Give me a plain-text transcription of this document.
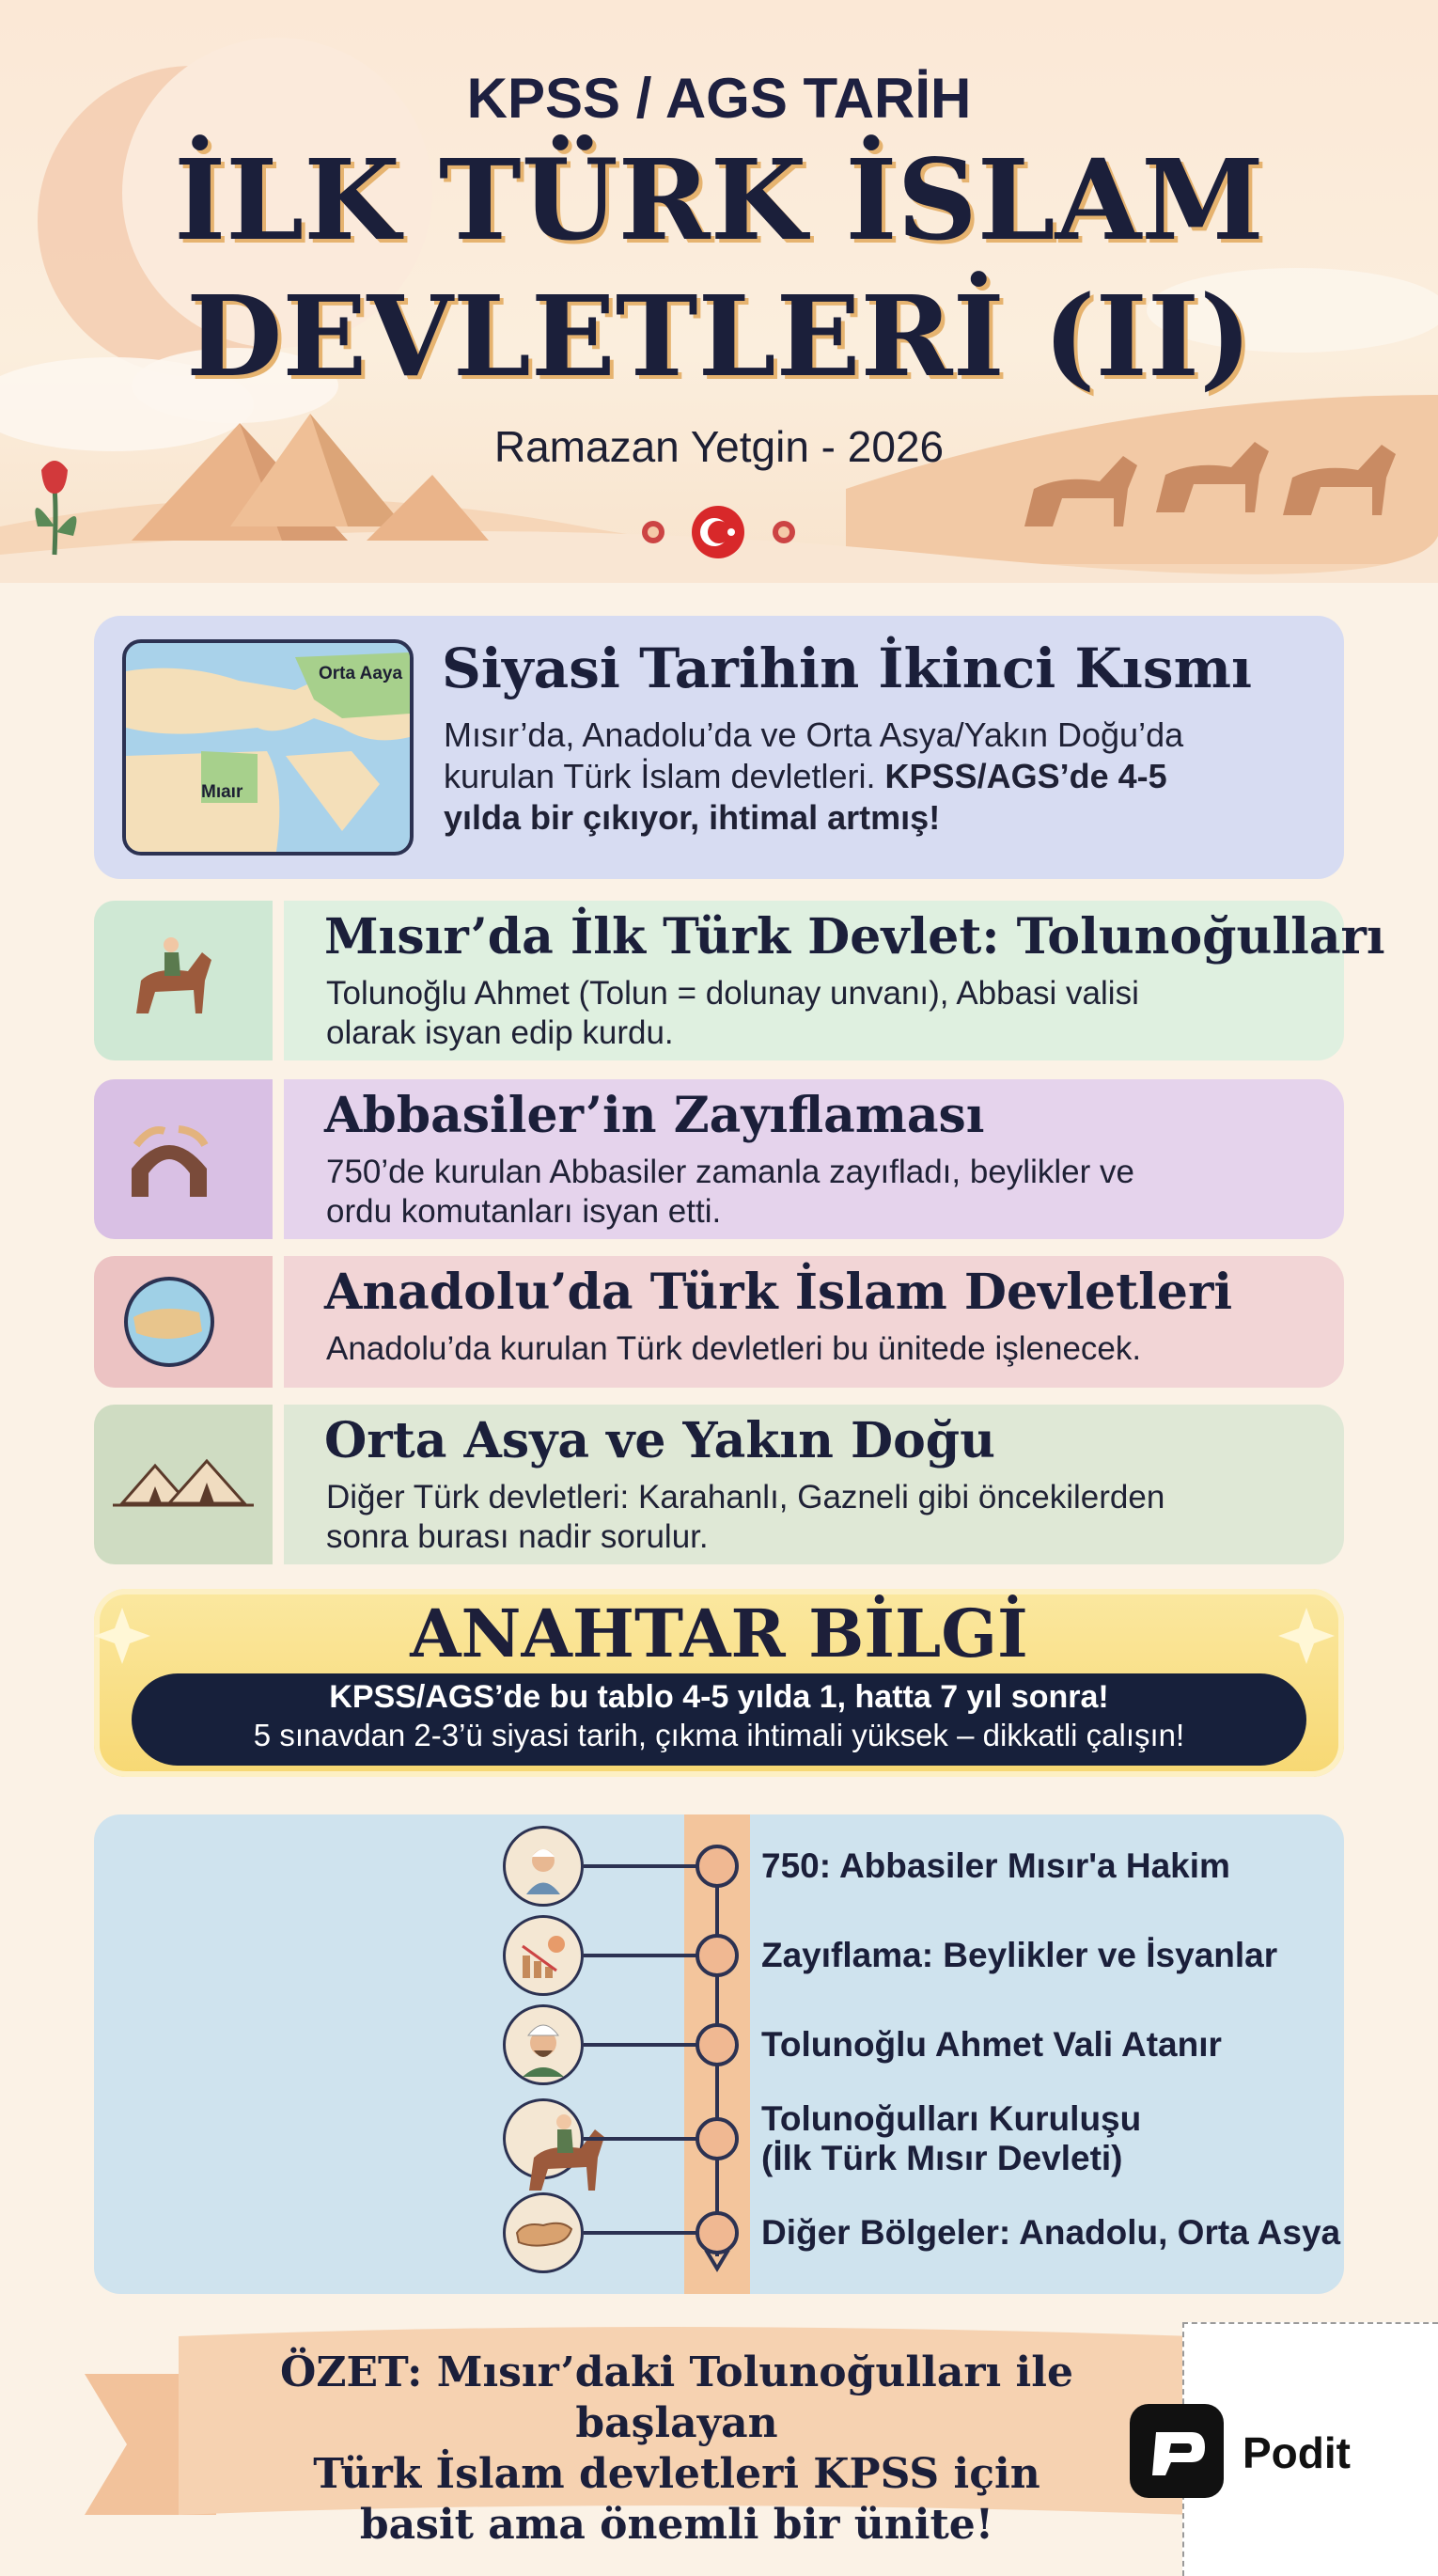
KPSS / AGS TARİH
İLK TÜRK İSLAM
DEVLETLERİ (II)
Ramazan Yetgin - 2026
Orta Aaya
Mıaır
Siyasi Tarihin İkinci Kısmı
Mısır’da, Anadolu’da ve Orta Asya/Yakın Doğu’da
kurulan Türk İslam devletleri. KPSS/AGS’de 4-5
yılda bir çıkıyor, ihtimal artmış!
Mısır’da İlk Türk Devlet: Tolunoğulları
Tolunoğlu Ahmet (Tolun = dolunay unvanı), Abbasi valisi
olarak isyan edip kurdu.
Abbasiler’in Zayıflaması
750’de kurulan Abbasiler zamanla zayıfladı, beylikler ve
ordu komutanları isyan etti.
Anadolu’da Türk İslam Devletleri
Anadolu’da kurulan Türk devletleri bu ünitede işlenecek.
Orta Asya ve Yakın Doğu
Diğer Türk devletleri: Karahanlı, Gazneli gibi öncekilerden
sonra burası nadir sorulur.
ANAHTAR BİLGİ
KPSS/AGS’de bu tablo 4-5 yılda 1, hatta 7 yıl sonra!
5 sınavdan 2-3’ü siyasi tarih, çıkma ihtimali yüksek – dikkatli çalışın!
750: Abbasiler Mısır'a Hakim
Zayıflama: Beylikler ve İsyanlar
Tolunoğlu Ahmet Vali Atanır
Tolunoğulları Kuruluşu
(İlk Türk Mısır Devleti)
Diğer Bölgeler: Anadolu, Orta Asya
ÖZET: Mısır’daki Tolunoğulları ile başlayan
Türk İslam devletleri KPSS için
basit ama önemli bir ünite!
Podit
